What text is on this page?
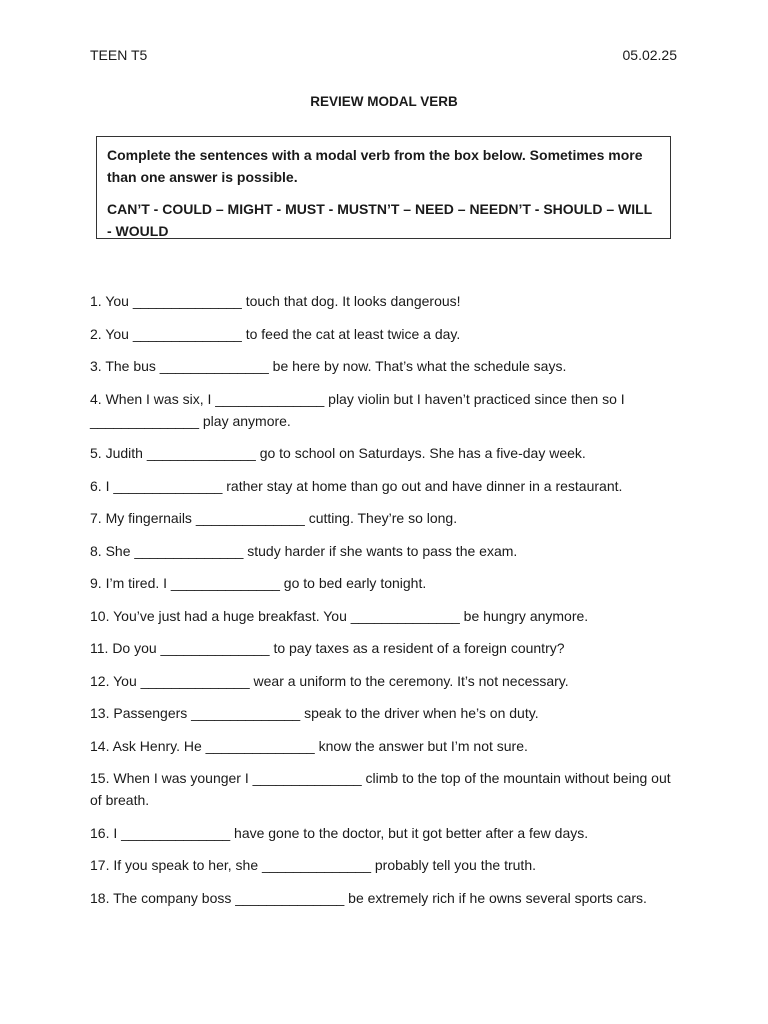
TEEN T5	05.02.25
REVIEW MODAL VERB

Complete the sentences with a modal verb from the box below. Sometimes more than one answer is possible.

CAN’T - COULD – MIGHT - MUST - MUSTN’T – NEED – NEEDN’T - SHOULD – WILL - WOULD

1. You ______________ touch that dog. It looks dangerous!

2. You ______________ to feed the cat at least twice a day.

3. The bus ______________ be here by now. That’s what the schedule says.

4. When I was six, I ______________ play violin but I haven’t practiced since then so I ______________ play anymore.

5. Judith ______________ go to school on Saturdays. She has a five-day week.

6. I ______________ rather stay at home than go out and have dinner in a restaurant.

7. My fingernails ______________ cutting. They’re so long.

8. She ______________ study harder if she wants to pass the exam.

9. I’m tired. I ______________ go to bed early tonight.

10. You’ve just had a huge breakfast. You ______________ be hungry anymore.

11. Do you ______________ to pay taxes as a resident of a foreign country?

12. You ______________ wear a uniform to the ceremony. It’s not necessary.

13. Passengers ______________ speak to the driver when he’s on duty.

14. Ask Henry. He ______________ know the answer but I’m not sure.

15. When I was younger I ______________ climb to the top of the mountain without being out of breath.

16. I ______________ have gone to the doctor, but it got better after a few days.

17. If you speak to her, she ______________ probably tell you the truth.

18. The company boss ______________ be extremely rich if he owns several sports cars.
